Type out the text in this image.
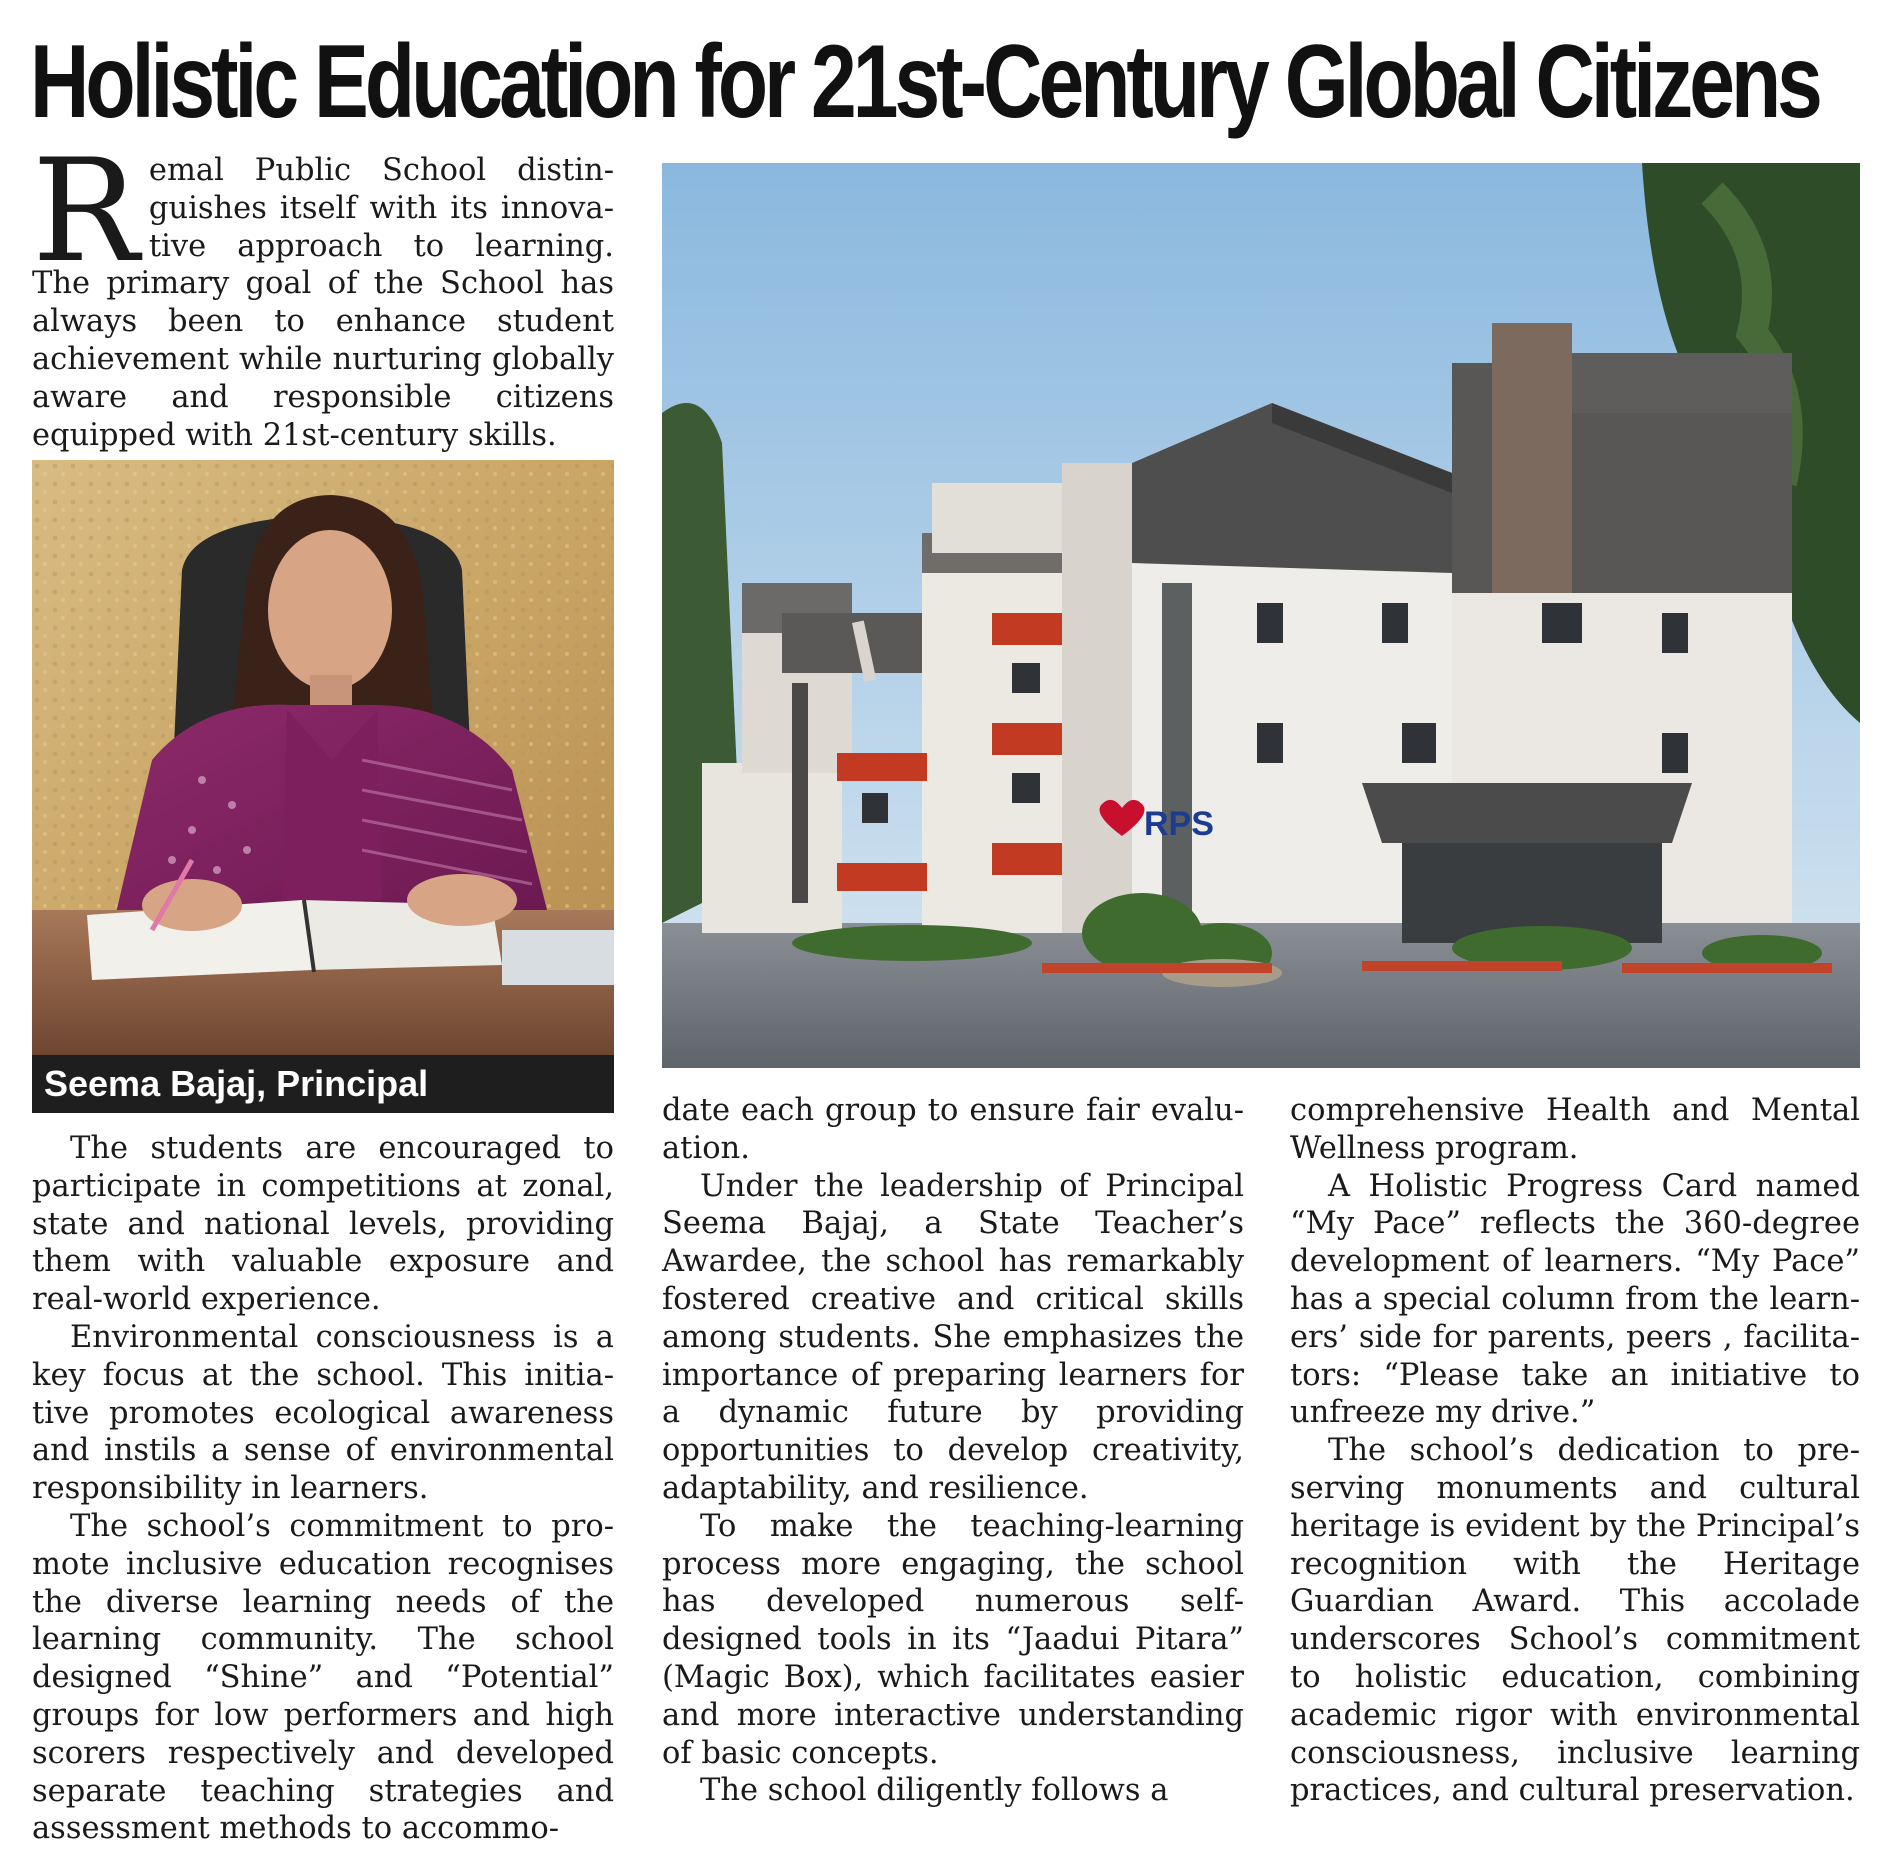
Holistic Education for 21st-Century Global Citizens
R emal Public School distinguishes itself with its innovative approach to learning. The primary goal of the School has always been to enhance student achievement while nurturing globally aware and responsible citizens equipped with 21st-century skills.
Seema Bajaj, Principal
RPS

The students are encouraged to participate in competitions at zonal, state and national levels, providing them with valuable exposure and real-world experience.

Environmental consciousness is a key focus at the school. This initiative promotes ecological awareness and instils a sense of environmental responsibility in learners.

The school’s commitment to promote inclusive education recognises the diverse learning needs of the learning community. The school designed “Shine” and “Potential” groups for low performers and high scorers respectively and developed separate teaching strategies and assessment methods to accommo-

date each group to ensure fair evaluation.

Under the leadership of Principal Seema Bajaj, a State Teacher’s Awardee, the school has remarkably fostered creative and critical skills among students. She emphasizes the importance of preparing learners for a dynamic future by providing opportunities to develop creativity, adaptability, and resilience.

To make the teaching-learning process more engaging, the school has developed numerous self-designed tools in its “Jaadui Pitara” (Magic Box), which facilitates easier and more interactive understanding of basic concepts.

The school diligently follows a

comprehensive Health and Mental Wellness program.

A Holistic Progress Card named “My Pace” reflects the 360-degree development of learners. “My Pace” has a special column from the learners’ side for parents, peers , facilitators: “Please take an initiative to unfreeze my drive.”

The school’s dedication to preserving monuments and cultural heritage is evident by the Principal’s recognition with the Heritage Guardian Award. This accolade underscores School’s commitment to holistic education, combining academic rigor with environmental consciousness, inclusive learning practices, and cultural preservation.
